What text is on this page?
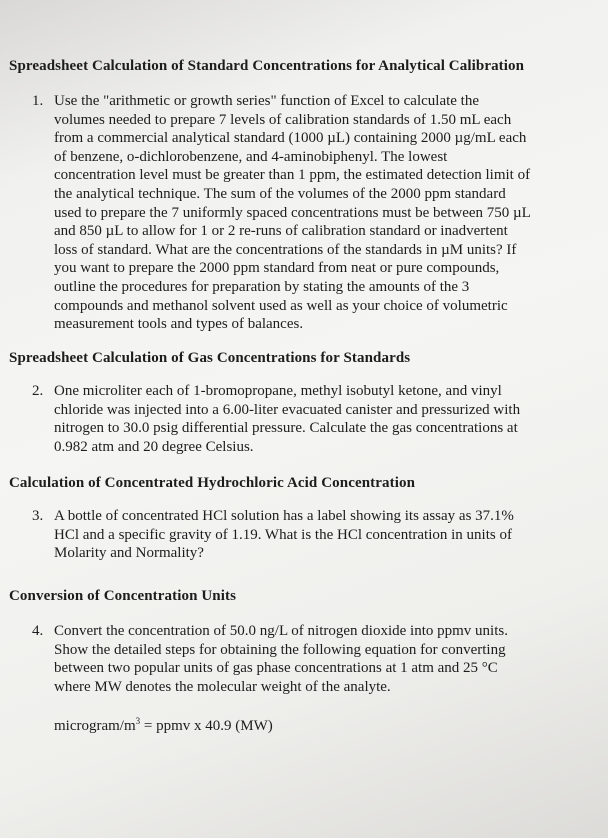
Spreadsheet Calculation of Standard Concentrations for Analytical Calibration
1. Use the "arithmetic or growth series" function of Excel to calculate the
volumes needed to prepare 7 levels of calibration standards of 1.50 mL each
from a commercial analytical standard (1000 µL) containing 2000 µg/mL each
of benzene, o-dichlorobenzene, and 4-aminobiphenyl. The lowest
concentration level must be greater than 1 ppm, the estimated detection limit of
the analytical technique. The sum of the volumes of the 2000 ppm standard
used to prepare the 7 uniformly spaced concentrations must be between 750 µL
and 850 µL to allow for 1 or 2 re-runs of calibration standard or inadvertent
loss of standard. What are the concentrations of the standards in µM units? If
you want to prepare the 2000 ppm standard from neat or pure compounds,
outline the procedures for preparation by stating the amounts of the 3
compounds and methanol solvent used as well as your choice of volumetric
measurement tools and types of balances.
Spreadsheet Calculation of Gas Concentrations for Standards
2. One microliter each of 1-bromopropane, methyl isobutyl ketone, and vinyl
chloride was injected into a 6.00-liter evacuated canister and pressurized with
nitrogen to 30.0 psig differential pressure. Calculate the gas concentrations at
0.982 atm and 20 degree Celsius.
Calculation of Concentrated Hydrochloric Acid Concentration
3. A bottle of concentrated HCl solution has a label showing its assay as 37.1%
HCl and a specific gravity of 1.19. What is the HCl concentration in units of
Molarity and Normality?
Conversion of Concentration Units
4. Convert the concentration of 50.0 ng/L of nitrogen dioxide into ppmv units.
Show the detailed steps for obtaining the following equation for converting
between two popular units of gas phase concentrations at 1 atm and 25 °C
where MW denotes the molecular weight of the analyte.
microgram/$m^3$ = ppmv x 40.9 (MW)
